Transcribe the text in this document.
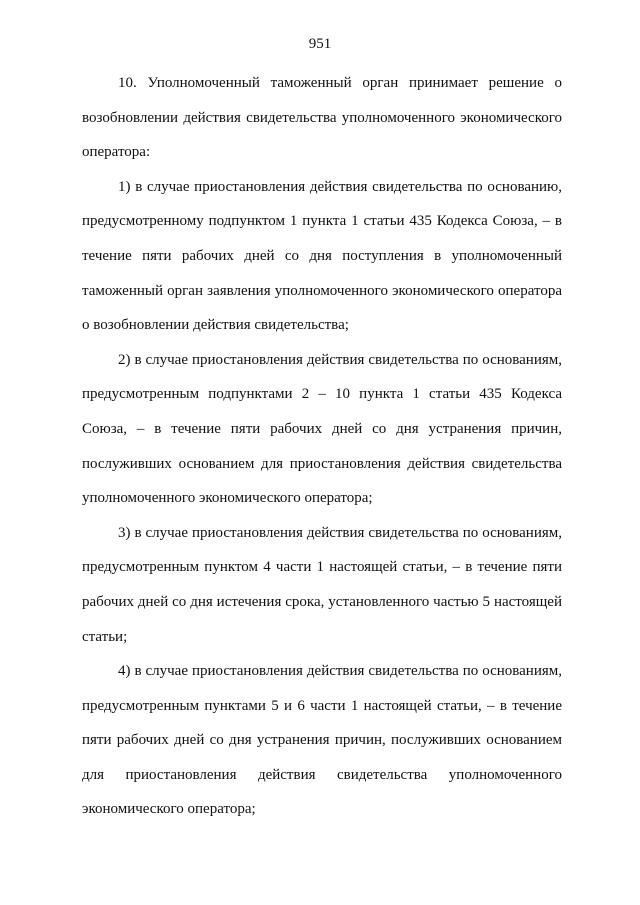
951

10. Уполномоченный таможенный орган принимает решение о возобновлении действия свидетельства уполномоченного экономического оператора:

1) в случае приостановления действия свидетельства по основанию, предусмотренному подпунктом 1 пункта 1 статьи 435 Кодекса Союза, – в течение пяти рабочих дней со дня поступления в уполномоченный таможенный орган заявления уполномоченного экономического оператора о возобновлении действия свидетельства;

2) в случае приостановления действия свидетельства по основаниям, предусмотренным подпунктами 2 – 10 пункта 1 статьи 435 Кодекса Союза, – в течение пяти рабочих дней со дня устранения причин, послуживших основанием для приостановления действия свидетельства уполномоченного экономического оператора;

3) в случае приостановления действия свидетельства по основаниям, предусмотренным пунктом 4 части 1 настоящей статьи, – в течение пяти рабочих дней со дня истечения срока, установленного частью 5 настоящей статьи;

4) в случае приостановления действия свидетельства по основаниям, предусмотренным пунктами 5 и 6 части 1 настоящей статьи, – в течение пяти рабочих дней со дня устранения причин, послуживших основанием для приостановления действия свидетельства уполномоченного экономического оператора;
